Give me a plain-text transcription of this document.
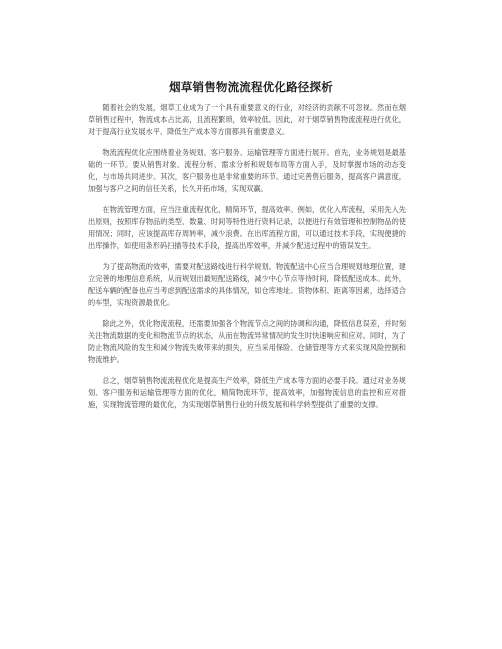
烟草销售物流流程优化路径探析

随着社会的发展，烟草工业成为了一个具有重要意义的行业，对经济的贡献不可忽视。然而在烟草销售过程中，物流成本占比高，且流程繁琐，效率较低。因此，对于烟草销售物流流程进行优化，对于提高行业发展水平、降低生产成本等方面都具有重要意义。

物流流程优化应围绕着业务规划、客户服务、运输管理等方面进行展开。首先，业务规划是最基础的一环节。要从销售对象、流程分析、需求分析和规划布局等方面入手，及时掌握市场的动态变化，与市场共同进步。其次，客户服务也是非常重要的环节。通过完善售后服务，提高客户满意度，加强与客户之间的信任关系，长久开拓市场，实现双赢。

在物流管理方面，应当注重流程优化，精简环节，提高效率。例如，优化入库流程，采用先入先出原则，按照库存物品的类型、数量、时间等特性进行资料记录，以便进行有效管理和控制物品的使用情况；同时，应该提高库存周转率，减少浪费。在出库流程方面，可以通过技术手段，实现便捷的出库操作，如使用条形码扫描等技术手段，提高出库效率，并减少配送过程中的错误发生。

为了提高物流的效率，需要对配送路线进行科学规划。物流配送中心应当合理规划地理位置，建立完善的地理信息系统，从而规划出最短配送路线，减少中心节点等待时间，降低配送成本。此外，配送车辆的配备也应当考虑到配送需求的具体情况，如仓库地址、货物体积、距离等因素，选择适合的车型，实现资源最优化。

除此之外，优化物流流程，还需要加强各个物流节点之间的协调和沟通，降低信息误差，并时刻关注物流数据的变化和物流节点的状态，从而在物流异常情况的发生时快速响应和应对。同时，为了防止物流风险的发生和减少物流失败带来的损失，应当采用保险、仓储管理等方式来实现风险控制和物流维护。

总之，烟草销售物流流程优化是提高生产效率，降低生产成本等方面的必要手段。通过对业务规划、客户服务和运输管理等方面的优化，精简物流环节，提高效率，加强物流信息的监控和应对措施，实现物流管理的最优化，为实现烟草销售行业的升级发展和科学转型提供了重要的支撑。
